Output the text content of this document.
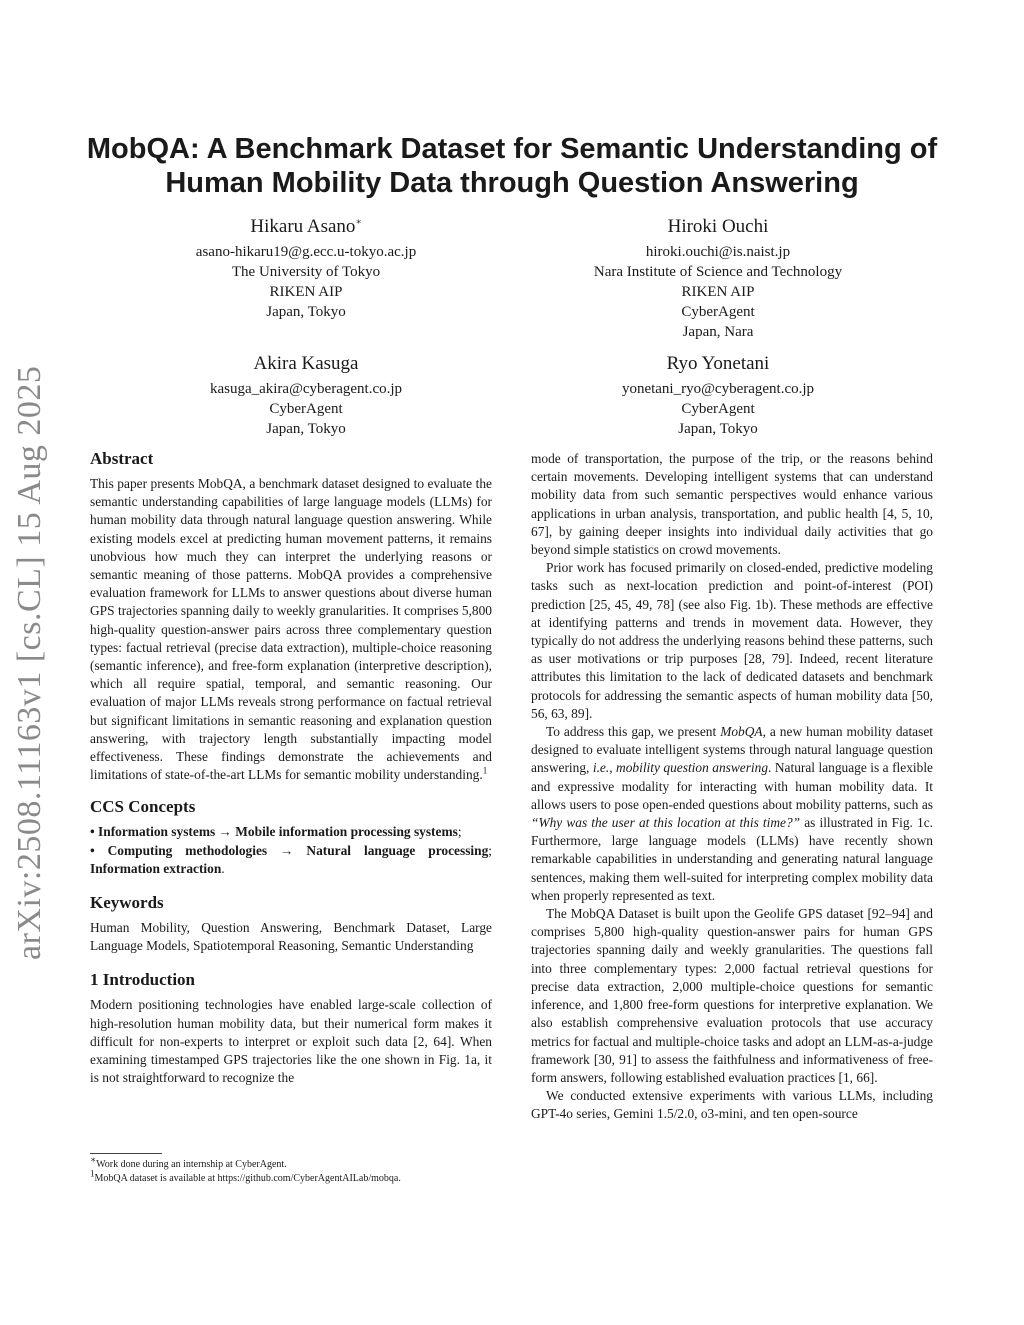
arXiv:2508.11163v1 [cs.CL] 15 Aug 2025
MobQA: A Benchmark Dataset for Semantic Understanding of
Human Mobility Data through Question Answering
Hikaru Asano∗
asano-hikaru19@g.ecc.u-tokyo.ac.jp
The University of Tokyo
RIKEN AIP
Japan, Tokyo
Hiroki Ouchi
hiroki.ouchi@is.naist.jp
Nara Institute of Science and Technology
RIKEN AIP
CyberAgent
Japan, Nara
Akira Kasuga
kasuga_akira@cyberagent.co.jp
CyberAgent
Japan, Tokyo
Ryo Yonetani
yonetani_ryo@cyberagent.co.jp
CyberAgent
Japan, Tokyo
Abstract

This paper presents MobQA, a benchmark dataset designed to evaluate the semantic understanding capabilities of large language models (LLMs) for human mobility data through natural language question answering. While existing models excel at predicting human movement patterns, it remains unobvious how much they can interpret the underlying reasons or semantic meaning of those patterns. MobQA provides a comprehensive evaluation framework for LLMs to answer questions about diverse human GPS trajectories spanning daily to weekly granularities. It comprises 5,800 high-quality question-answer pairs across three complementary question types: factual retrieval (precise data extraction), multiple-choice reasoning (semantic inference), and free-form explanation (interpretive description), which all require spatial, temporal, and semantic reasoning. Our evaluation of major LLMs reveals strong performance on factual retrieval but significant limitations in semantic reasoning and explanation question answering, with trajectory length substantially impacting model effectiveness. These findings demonstrate the achievements and limitations of state-of-the-art LLMs for semantic mobility understanding.$^1$

CCS Concepts
• Information systems → Mobile information processing systems;
• Computing methodologies → Natural language processing; Information extraction.
Keywords

Human Mobility, Question Answering, Benchmark Dataset, Large Language Models, Spatiotemporal Reasoning, Semantic Understanding

1 Introduction

Modern positioning technologies have enabled large-scale collection of high-resolution human mobility data, but their numerical form makes it difficult for non-experts to interpret or exploit such data [2, 64]. When examining timestamped GPS trajectories like the one shown in Fig. 1a, it is not straightforward to recognize the

mode of transportation, the purpose of the trip, or the reasons behind certain movements. Developing intelligent systems that can understand mobility data from such semantic perspectives would enhance various applications in urban analysis, transportation, and public health [4, 5, 10, 67], by gaining deeper insights into individual daily activities that go beyond simple statistics on crowd movements.

Prior work has focused primarily on closed-ended, predictive modeling tasks such as next-location prediction and point-of-interest (POI) prediction [25, 45, 49, 78] (see also Fig. 1b). These methods are effective at identifying patterns and trends in movement data. However, they typically do not address the underlying reasons behind these patterns, such as user motivations or trip purposes [28, 79]. Indeed, recent literature attributes this limitation to the lack of dedicated datasets and benchmark protocols for addressing the semantic aspects of human mobility data [50, 56, 63, 89].

To address this gap, we present MobQA, a new human mobility dataset designed to evaluate intelligent systems through natural language question answering, i.e., mobility question answering. Natural language is a flexible and expressive modality for interacting with human mobility data. It allows users to pose open-ended questions about mobility patterns, such as “Why was the user at this location at this time?” as illustrated in Fig. 1c. Furthermore, large language models (LLMs) have recently shown remarkable capabilities in understanding and generating natural language sentences, making them well-suited for interpreting complex mobility data when properly represented as text.

The MobQA Dataset is built upon the Geolife GPS dataset [92–94] and comprises 5,800 high-quality question-answer pairs for human GPS trajectories spanning daily and weekly granularities. The questions fall into three complementary types: 2,000 factual retrieval questions for precise data extraction, 2,000 multiple-choice questions for semantic inference, and 1,800 free-form questions for interpretive explanation. We also establish comprehensive evaluation protocols that use accuracy metrics for factual and multiple-choice tasks and adopt an LLM-as-a-judge framework [30, 91] to assess the faithfulness and informativeness of free-form answers, following established evaluation practices [1, 66].

We conducted extensive experiments with various LLMs, including GPT-4o series, Gemini 1.5/2.0, o3-mini, and ten open-source

∗Work done during an internship at CyberAgent.
1MobQA dataset is available at https://github.com/CyberAgentAILab/mobqa.
